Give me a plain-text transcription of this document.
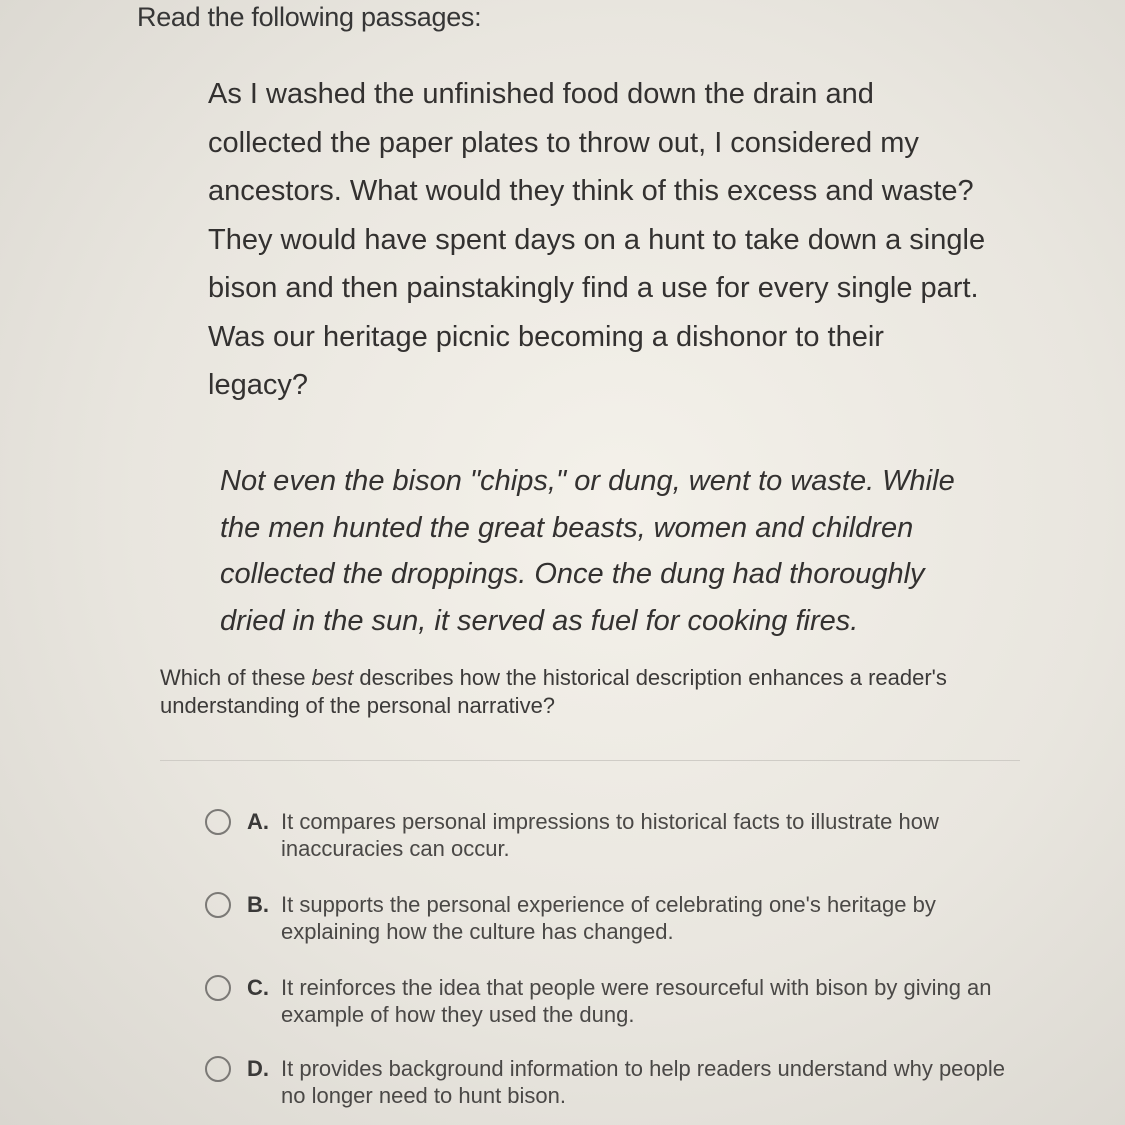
Read the following passages:

As I washed the unfinished food down the drain and collected the paper plates to throw out, I considered my ancestors. What would they think of this excess and waste? They would have spent days on a hunt to take down a single bison and then painstakingly find a use for every single part. Was our heritage picnic becoming a dishonor to their legacy?

Not even the bison "chips," or dung, went to waste. While the men hunted the great beasts, women and children collected the droppings. Once the dung had thoroughly dried in the sun, it served as fuel for cooking fires.

Which of these best describes how the historical description enhances a reader's understanding of the personal narrative?

A. It compares personal impressions to historical facts to illustrate how inaccuracies can occur.
B. It supports the personal experience of celebrating one's heritage by explaining how the culture has changed.
C. It reinforces the idea that people were resourceful with bison by giving an example of how they used the dung.
D. It provides background information to help readers understand why people no longer need to hunt bison.
